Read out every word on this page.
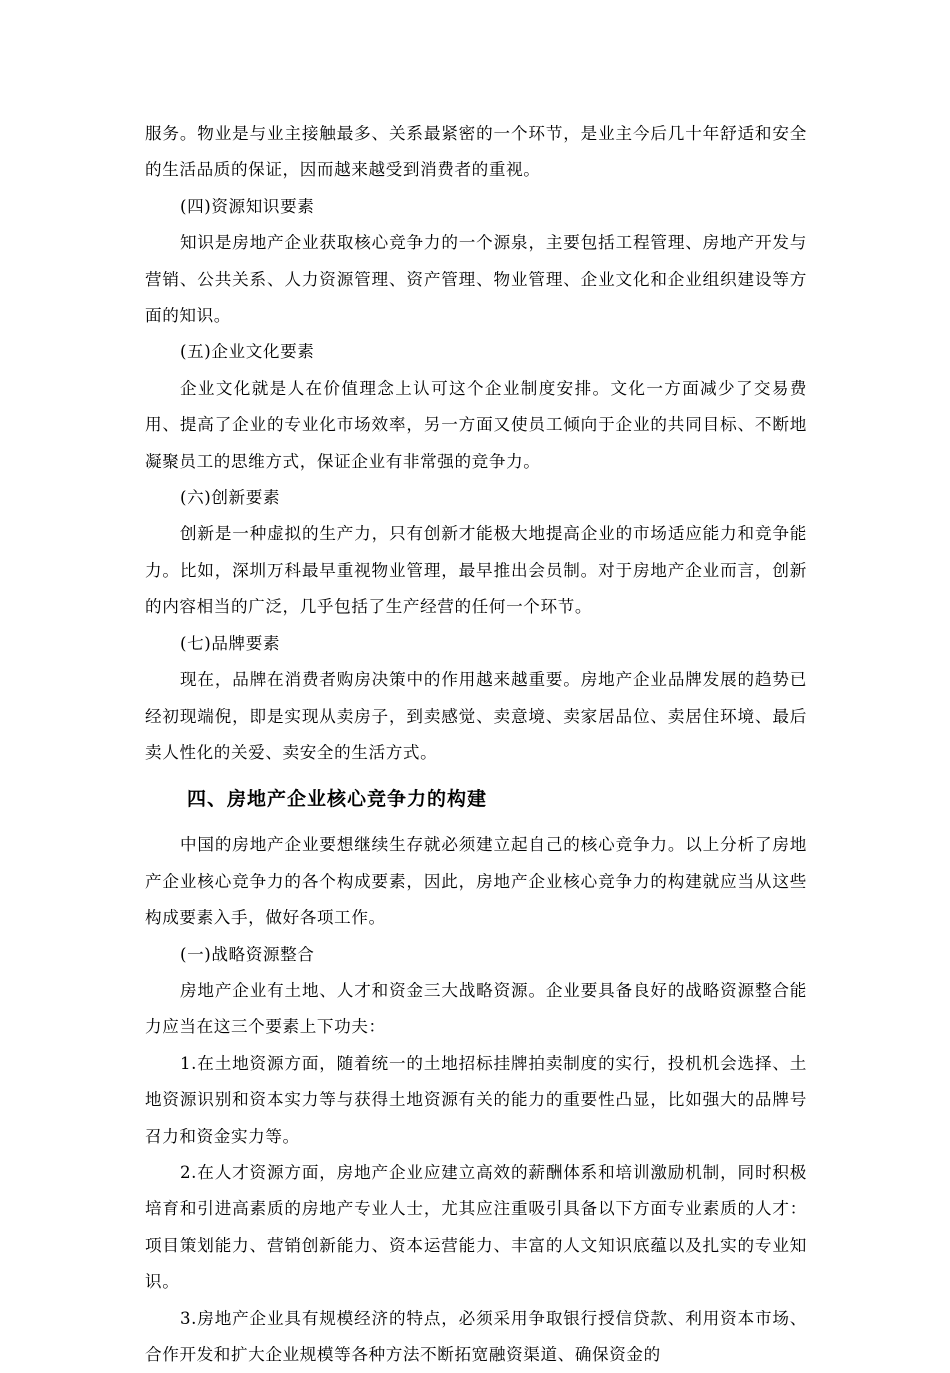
服务。物业是与业主接触最多、关系最紧密的一个环节，是业主今后几十年舒适和安全的生活品质的保证，因而越来越受到消费者的重视。

(四)资源知识要素

知识是房地产企业获取核心竞争力的一个源泉，主要包括工程管理、房地产开发与营销、公共关系、人力资源管理、资产管理、物业管理、企业文化和企业组织建设等方面的知识。

(五)企业文化要素

企业文化就是人在价值理念上认可这个企业制度安排。文化一方面减少了交易费用、提高了企业的专业化市场效率，另一方面又使员工倾向于企业的共同目标、不断地凝聚员工的思维方式，保证企业有非常强的竞争力。

(六)创新要素

创新是一种虚拟的生产力，只有创新才能极大地提高企业的市场适应能力和竞争能力。比如，深圳万科最早重视物业管理，最早推出会员制。对于房地产企业而言，创新的内容相当的广泛，几乎包括了生产经营的任何一个环节。

(七)品牌要素

现在，品牌在消费者购房决策中的作用越来越重要。房地产企业品牌发展的趋势已经初现端倪，即是实现从卖房子，到卖感觉、卖意境、卖家居品位、卖居住环境、最后卖人性化的关爱、卖安全的生活方式。

四、房地产企业核心竞争力的构建

中国的房地产企业要想继续生存就必须建立起自己的核心竞争力。以上分析了房地产企业核心竞争力的各个构成要素，因此，房地产企业核心竞争力的构建就应当从这些构成要素入手，做好各项工作。

(一)战略资源整合

房地产企业有土地、人才和资金三大战略资源。企业要具备良好的战略资源整合能力应当在这三个要素上下功夫：

1.在土地资源方面，随着统一的土地招标挂牌拍卖制度的实行，投机机会选择、土地资源识别和资本实力等与获得土地资源有关的能力的重要性凸显，比如强大的品牌号召力和资金实力等。

2.在人才资源方面，房地产企业应建立高效的薪酬体系和培训激励机制，同时积极培育和引进高素质的房地产专业人士，尤其应注重吸引具备以下方面专业素质的人才：项目策划能力、营销创新能力、资本运营能力、丰富的人文知识底蕴以及扎实的专业知识。

3.房地产企业具有规模经济的特点，必须采用争取银行授信贷款、利用资本市场、合作开发和扩大企业规模等各种方法不断拓宽融资渠道、确保资金的
